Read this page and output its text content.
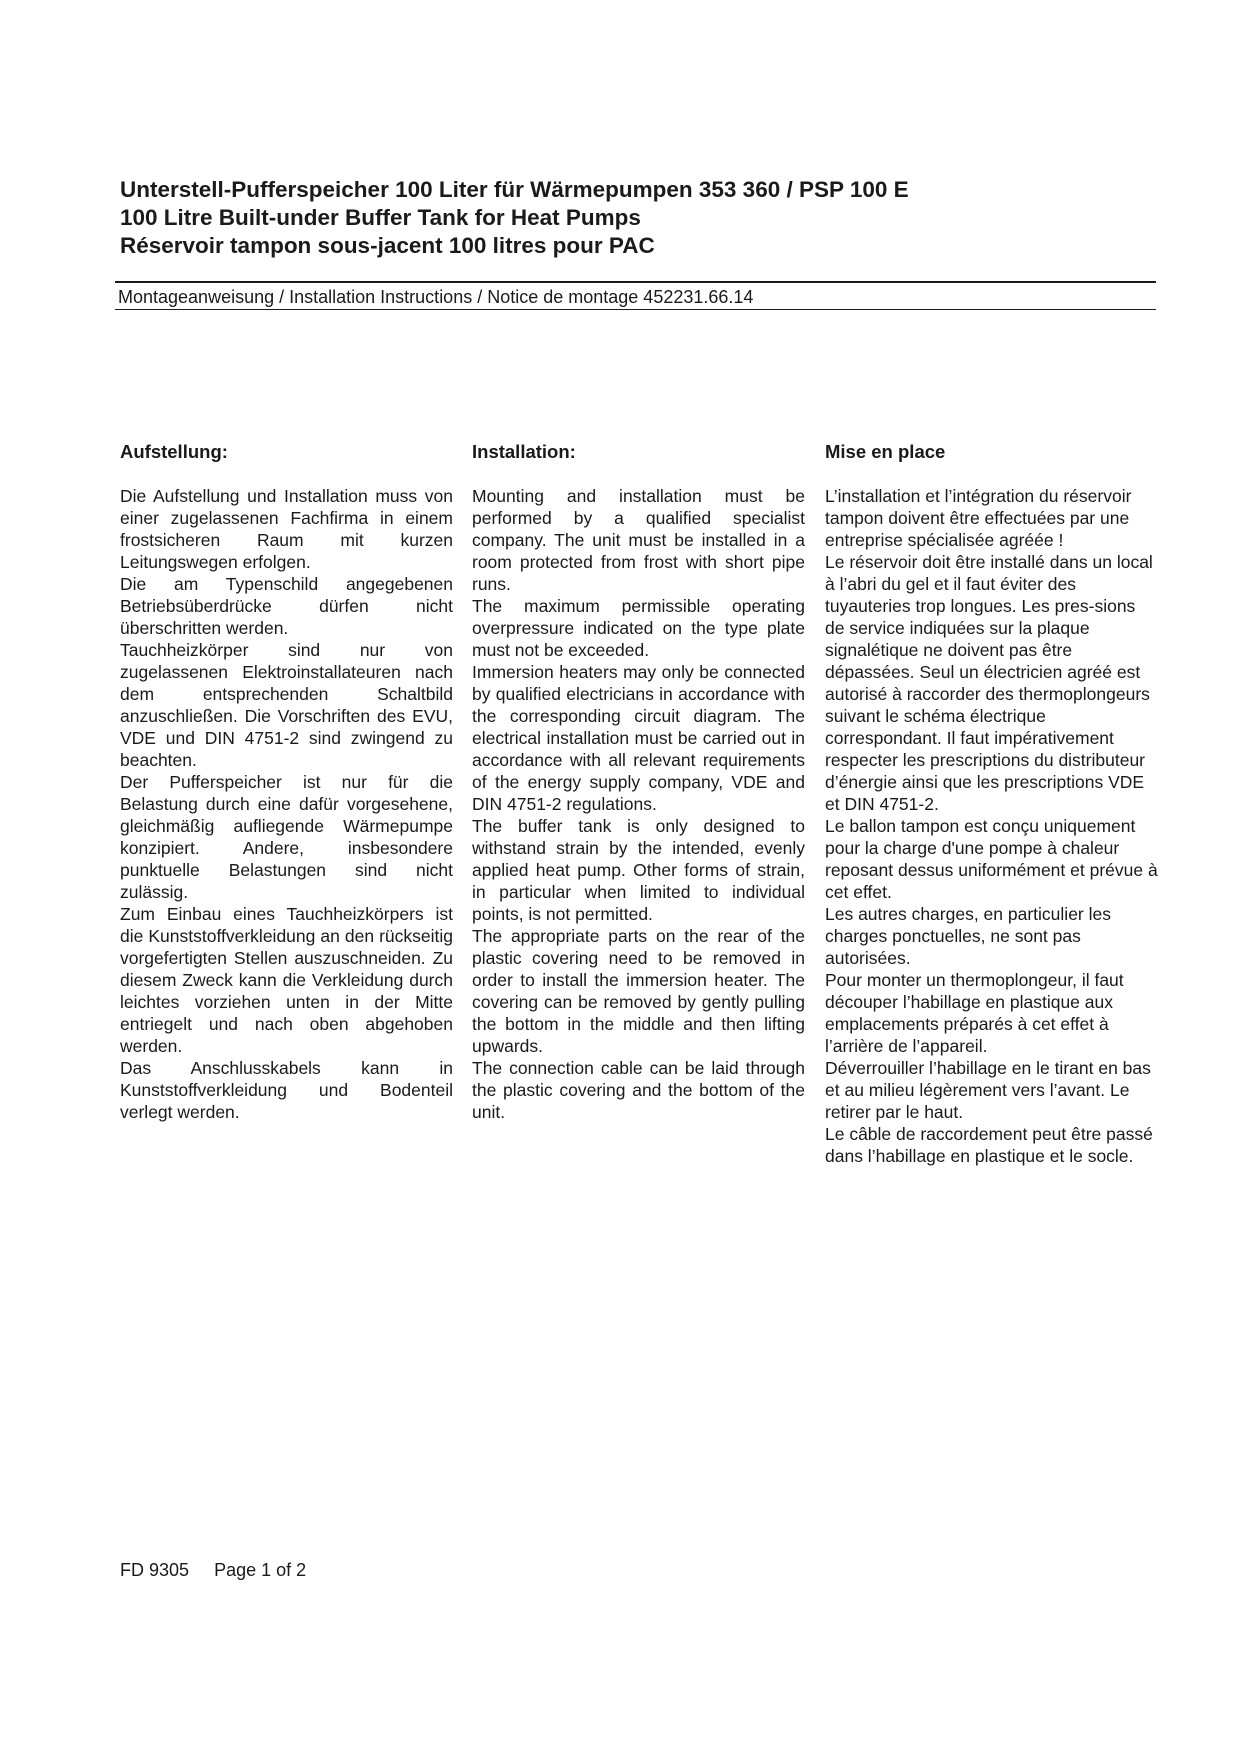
Unterstell-Pufferspeicher 100 Liter für Wärmepumpen 353 360 / PSP 100 E
100 Litre Built-under Buffer Tank for Heat Pumps
Réservoir tampon sous-jacent 100 litres pour PAC
Montageanweisung / Installation Instructions / Notice de montage 452231.66.14
Aufstellung:

Die Aufstellung und Installation muss von einer zugelassenen Fachfirma in einem frostsicheren Raum mit kurzen Leitungswegen erfolgen.

Die am Typenschild angegebenen Betriebsüberdrücke dürfen nicht überschritten werden.

Tauchheizkörper sind nur von zugelassenen Elektroinstallateuren nach dem entsprechenden Schaltbild anzuschließen. Die Vorschriften des EVU, VDE und DIN 4751-2 sind zwingend zu beachten.

Der Pufferspeicher ist nur für die Belastung durch eine dafür vorgesehene, gleichmäßig aufliegende Wärmepumpe konzipiert. Andere, insbesondere punktuelle Belastungen sind nicht zulässig.

Zum Einbau eines Tauchheizkörpers ist die Kunststoffverkleidung an den rückseitig vorgefertigten Stellen auszuschneiden. Zu diesem Zweck kann die Verkleidung durch leichtes vorziehen unten in der Mitte entriegelt und nach oben abgehoben werden.

Das Anschlusskabels kann in Kunststoffverkleidung und Bodenteil verlegt werden.

Installation:

Mounting and installation must be performed by a qualified specialist company. The unit must be installed in a room protected from frost with short pipe runs.

The maximum permissible operating overpressure indicated on the type plate must not be exceeded.

Immersion heaters may only be connected by qualified electricians in accordance with the corresponding circuit diagram. The electrical installation must be carried out in accordance with all relevant requirements of the energy supply company, VDE and DIN 4751-2 regulations.

The buffer tank is only designed to withstand strain by the intended, evenly applied heat pump. Other forms of strain, in particular when limited to individual points, is not permitted.

The appropriate parts on the rear of the plastic covering need to be removed in order to install the immersion heater. The covering can be removed by gently pulling the bottom in the middle and then lifting upwards.

The connection cable can be laid through the plastic covering and the bottom of the unit.

Mise en place

L’installation et l’intégration du réservoir tampon doivent être effectuées par une entreprise spécialisée agréée !

Le réservoir doit être installé dans un local à l’abri du gel et il faut éviter des tuyauteries trop longues. Les pres-sions de service indiquées sur la plaque signalétique ne doivent pas être dépassées. Seul un électricien agréé est autorisé à raccorder des thermoplongeurs suivant le schéma électrique correspondant. Il faut impérativement respecter les prescriptions du distributeur d’énergie ainsi que les prescriptions VDE et DIN 4751-2.

Le ballon tampon est conçu uniquement pour la charge d'une pompe à chaleur reposant dessus uniformément et prévue à cet effet.

Les autres charges, en particulier les charges ponctuelles, ne sont pas autorisées.

Pour monter un thermoplongeur, il faut découper l’habillage en plastique aux emplacements préparés à cet effet à l’arrière de l’appareil.

Déverrouiller l’habillage en le tirant en bas et au milieu légèrement vers l’avant. Le retirer par le haut.

Le câble de raccordement peut être passé dans l’habillage en plastique et le socle.

FD 9305 Page 1 of 2
